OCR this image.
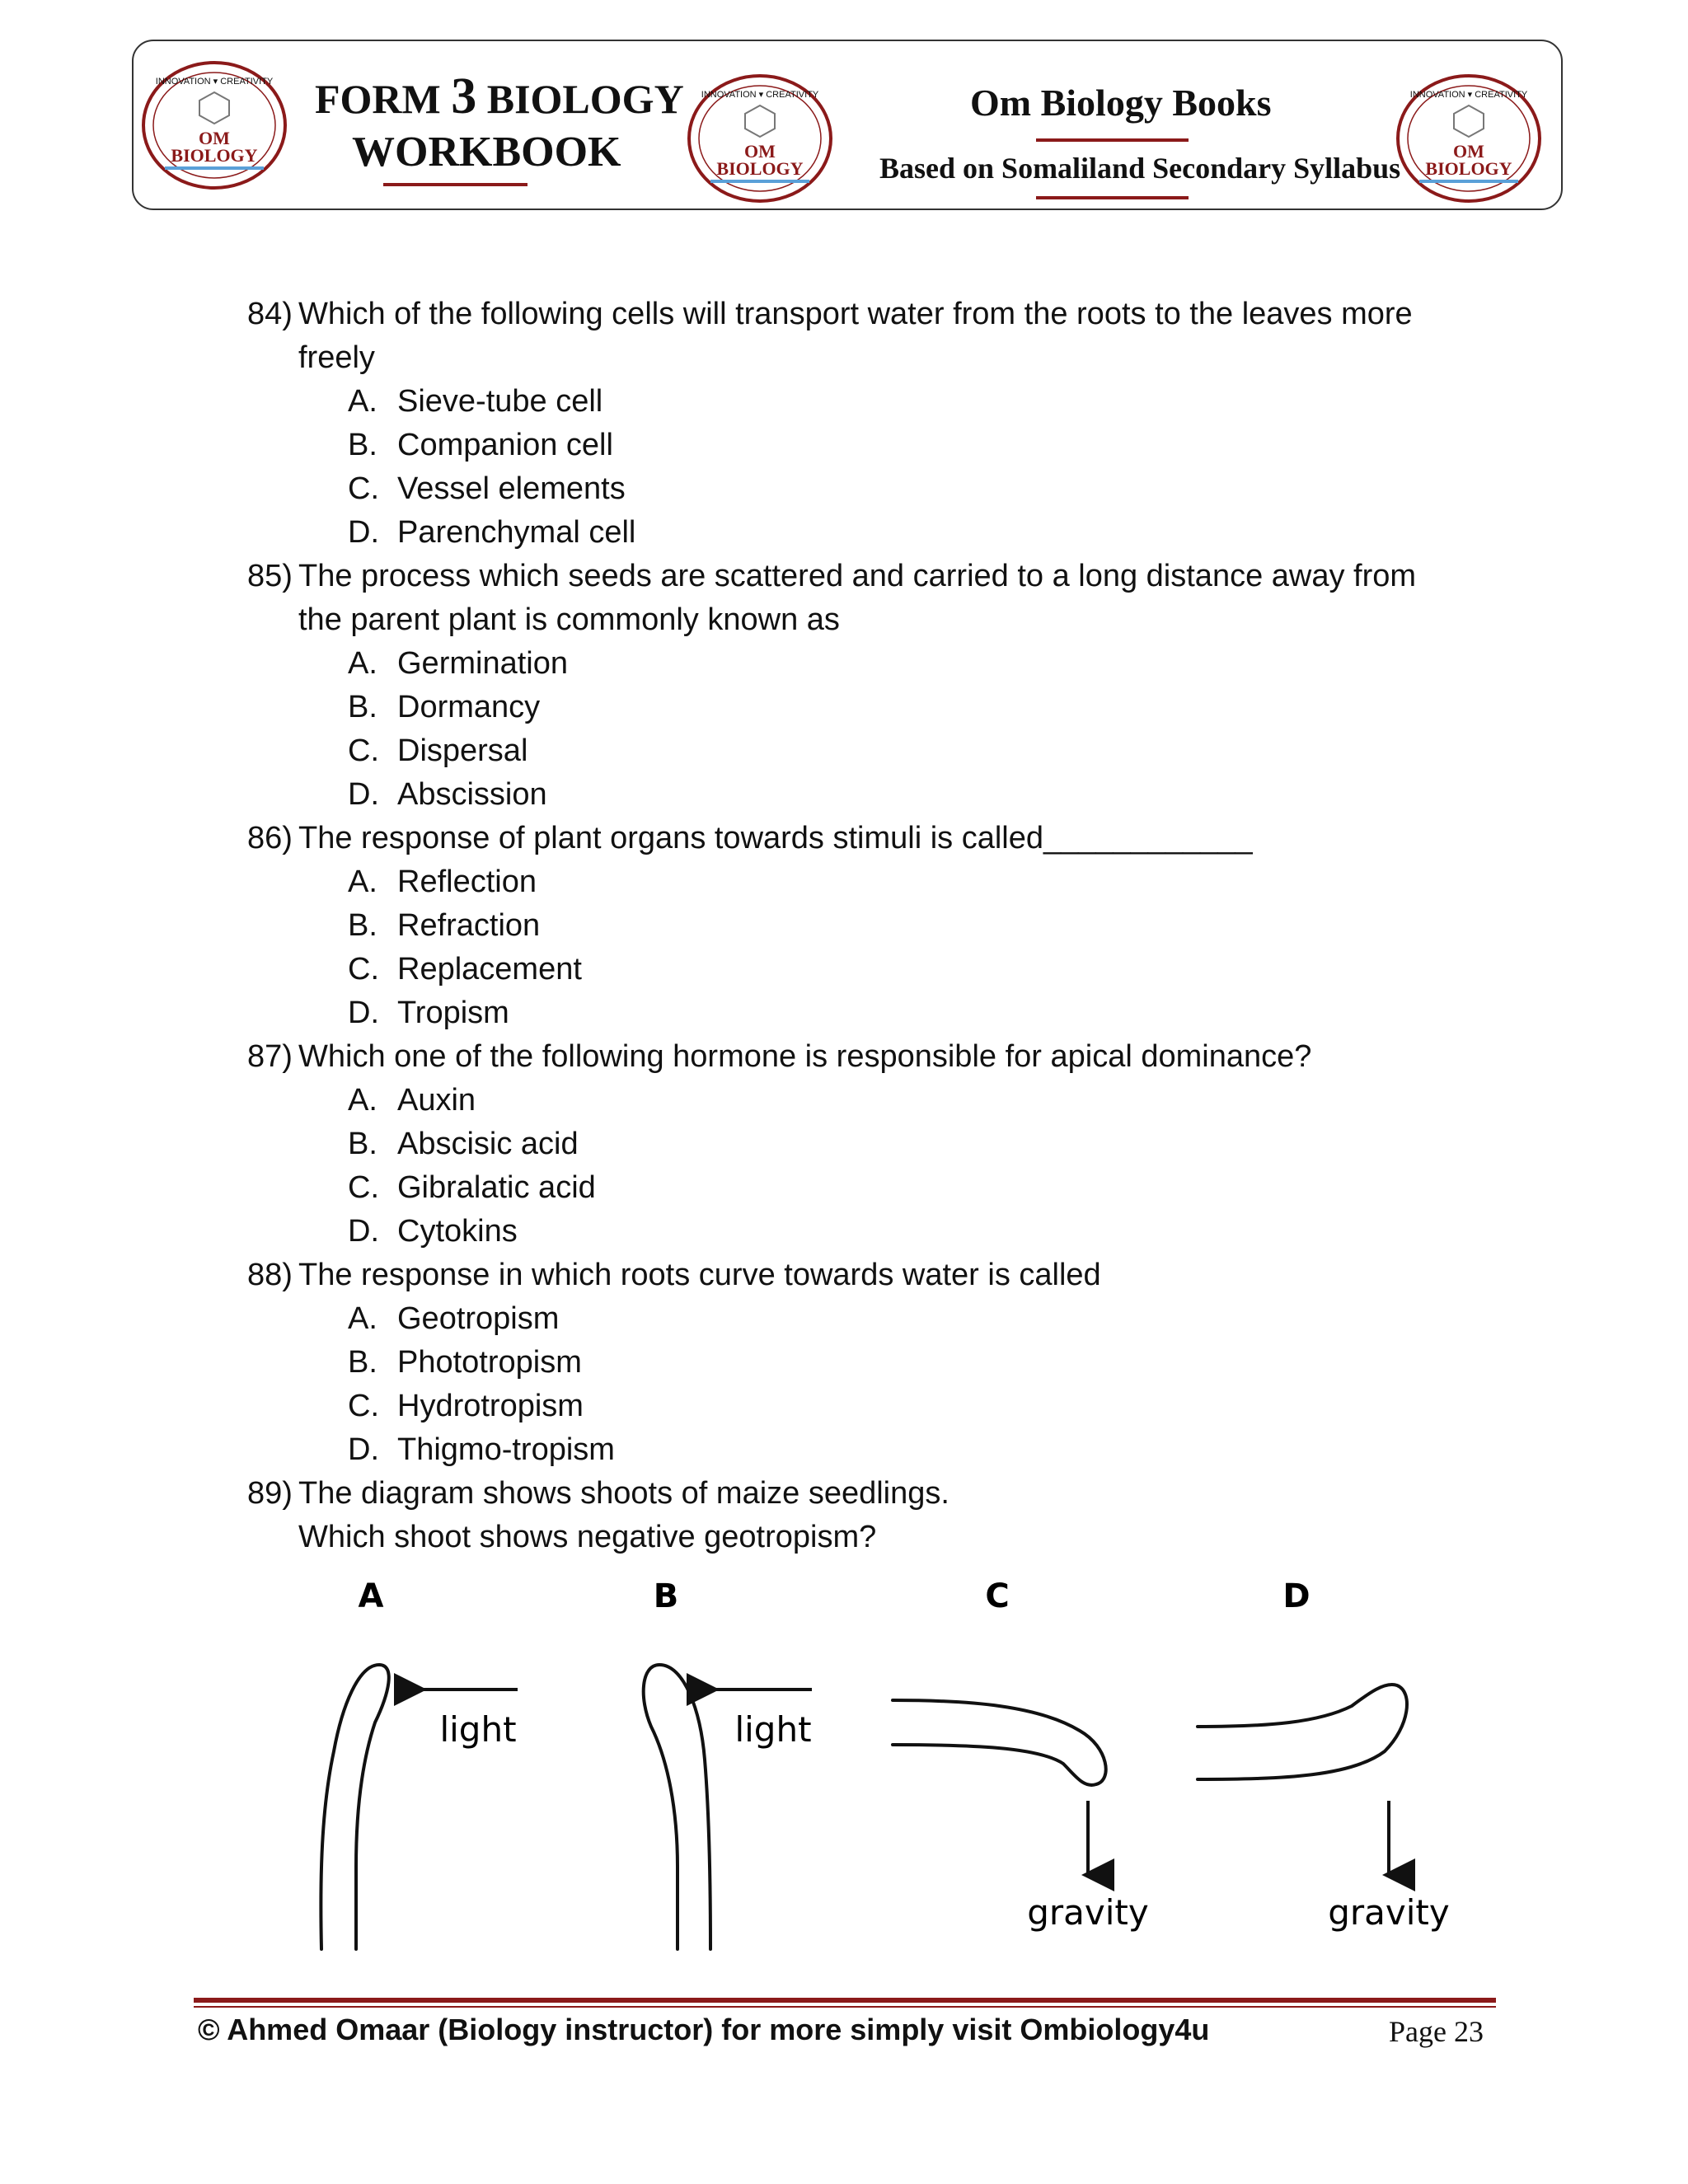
INNOVATION ▾ CREATIVITY
OM
BIOLOGY
FORM 3 BIOLOGY
WORKBOOK
INNOVATION ▾ CREATIVITY
OM
BIOLOGY
Om Biology Books
Based on Somaliland Secondary Syllabus
INNOVATION ▾ CREATIVITY
OM
BIOLOGY
84) Which of the following cells will transport water from the roots to the leaves more
freely
A. Sieve-tube cell
B. Companion cell
C. Vessel elements
D. Parenchymal cell
85) The process which seeds are scattered and carried to a long distance away from
the parent plant is commonly known as
A. Germination
B. Dormancy
C. Dispersal
D. Abscission
86) The response of plant organs towards stimuli is called____________
A. Reflection
B. Refraction
C. Replacement
D. Tropism
87) Which one of the following hormone is responsible for apical dominance?
A. Auxin
B. Abscisic acid
C. Gibralatic acid
D. Cytokins
88) The response in which roots curve towards water is called
A. Geotropism
B. Phototropism
C. Hydrotropism
D. Thigmo-tropism
89) The diagram shows shoots of maize seedlings.
Which shoot shows negative geotropism?
A	B	C	D
light	light
gravity	gravity
© Ahmed Omaar (Biology instructor) for more simply visit Ombiology4u	Page 23
